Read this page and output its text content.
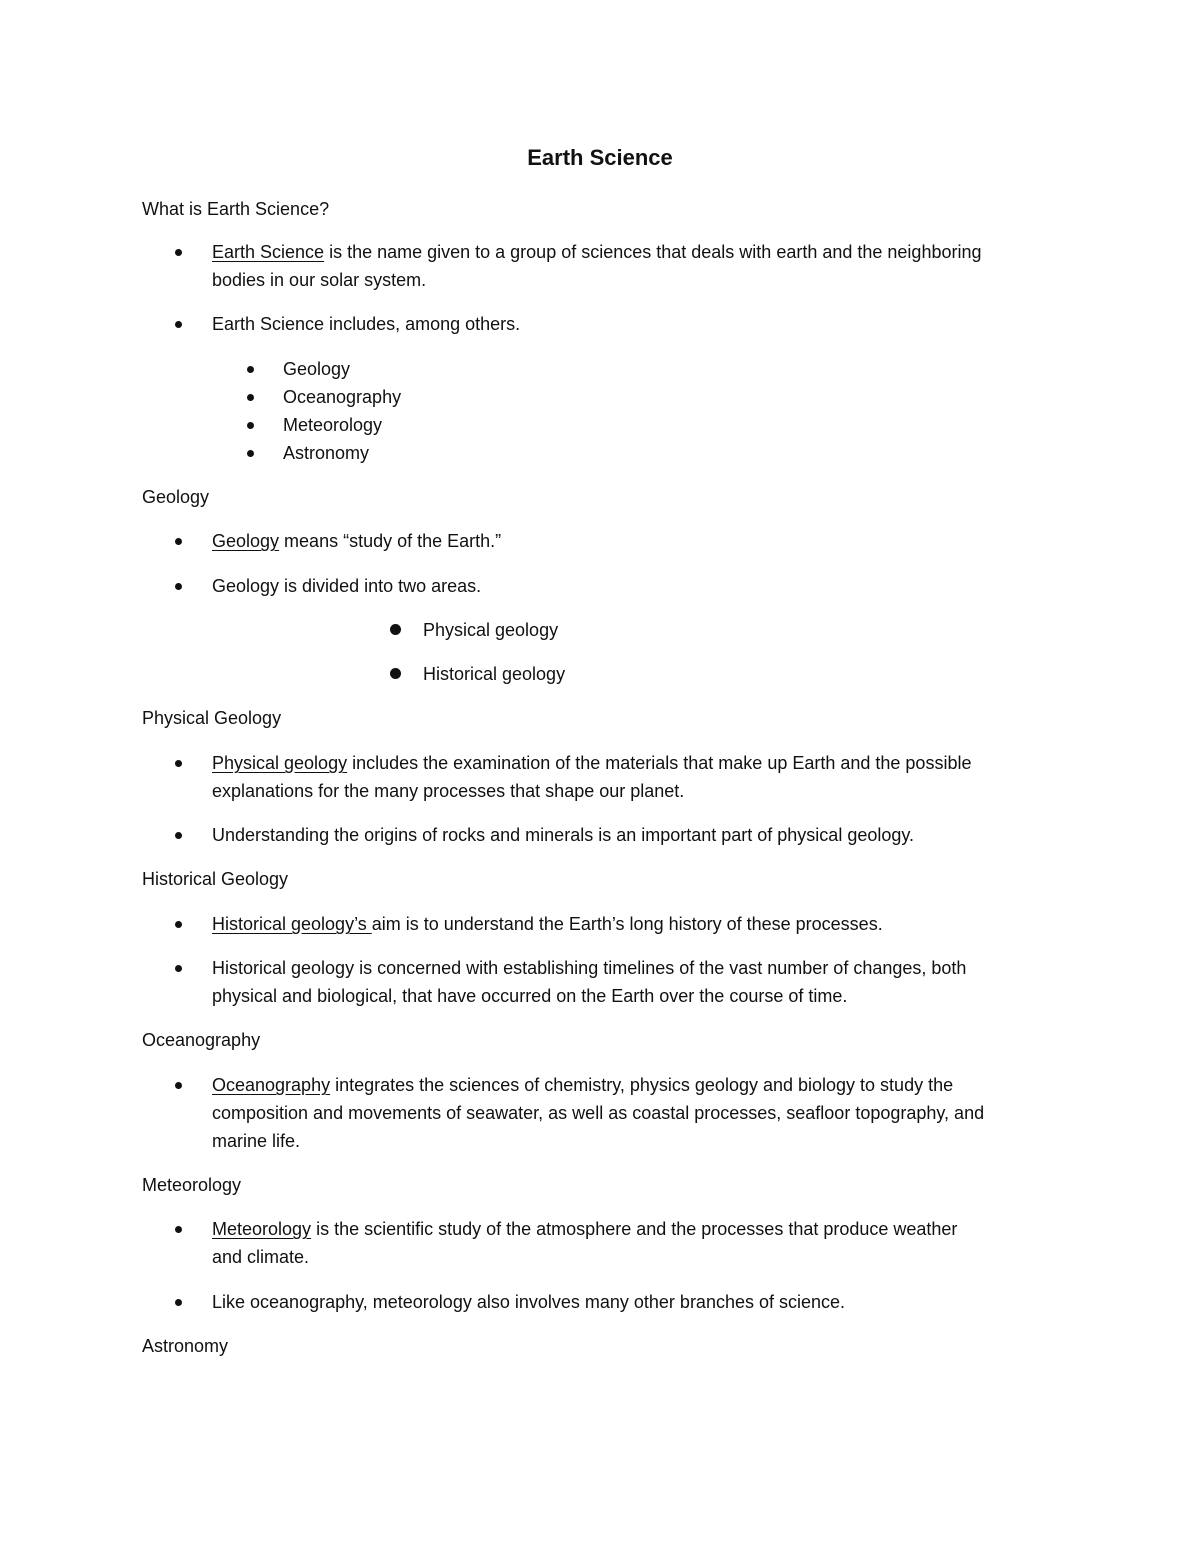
Earth Science
What is Earth Science?
Earth Science is the name given to a group of sciences that deals with earth and the neighboring
bodies in our solar system.
Earth Science includes, among others.
Geology
Oceanography
Meteorology
Astronomy
Geology
Geology means “study of the Earth.”
Geology is divided into two areas.
Physical geology
Historical geology
Physical Geology
Physical geology includes the examination of the materials that make up Earth and the possible
explanations for the many processes that shape our planet.
Understanding the origins of rocks and minerals is an important part of physical geology.
Historical Geology
Historical geology’s aim is to understand the Earth’s long history of these processes.
Historical geology is concerned with establishing timelines of the vast number of changes, both
physical and biological, that have occurred on the Earth over the course of time.
Oceanography
Oceanography integrates the sciences of chemistry, physics geology and biology to study the
composition and movements of seawater, as well as coastal processes, seafloor topography, and
marine life.
Meteorology
Meteorology is the scientific study of the atmosphere and the processes that produce weather
and climate.
Like oceanography, meteorology also involves many other branches of science.
Astronomy
